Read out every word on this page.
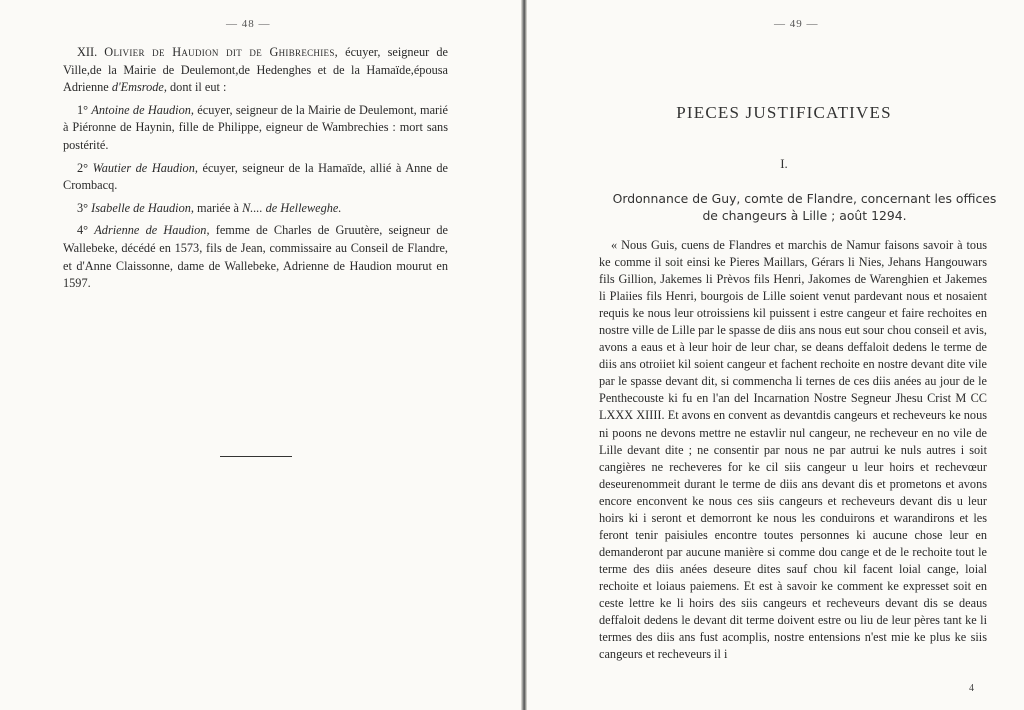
— 48 —

XII. Olivier de Haudion dit de Ghibrechies, écuyer, seigneur de Ville,de la Mairie de Deulemont,de Hedenghes et de la Hamaïde,épousa Adrienne d'Emsrode, dont il eut :

1° Antoine de Haudion, écuyer, seigneur de la Mairie de Deulemont, marié à Piéronne de Haynin, fille de Philippe, eigneur de Wambrechies : mort sans postérité.

2° Wautier de Haudion, écuyer, seigneur de la Hamaïde, allié à Anne de Crombacq.

3° Isabelle de Haudion, mariée à N.... de Helleweghe.

4° Adrienne de Haudion, femme de Charles de Gruutère, seigneur de Wallebeke, décédé en 1573, fils de Jean, commissaire au Conseil de Flandre, et d'Anne Claissonne, dame de Wallebeke, Adrienne de Haudion mourut en 1597.

— 49 —
PIECES JUSTIFICATIVES
I.
Ordonnance de Guy, comte de Flandre, concernant les offices de changeurs à Lille ; août 1294.

« Nous Guis, cuens de Flandres et marchis de Namur faisons savoir à tous ke comme il soit einsi ke Pieres Maillars, Gérars li Nies, Jehans Hangouwars fils Gillion, Jakemes li Prèvos fils Henri, Jakomes de Warenghien et Jakemes li Plaiies fils Henri, bourgois de Lille soient venut pardevant nous et nosaient requis ke nous leur otroissiens kil puissent i estre cangeur et faire rechoites en nostre ville de Lille par le spasse de diis ans nous eut sour chou conseil et avis, avons a eaus et à leur hoir de leur char, se deans deffaloit dedens le terme de diis ans otroiiet kil soient cangeur et fachent rechoite en nostre devant dite vile par le spasse devant dit, si commencha li ternes de ces diis anées au jour de le Penthecouste ki fu en l'an del Incarnation Nostre Segneur Jhesu Crist M CC LXXX XIIII. Et avons en convent as devantdis cangeurs et recheveurs ke nous ni poons ne devons mettre ne estavlir nul cangeur, ne recheveur en no vile de Lille devant dite ; ne consentir par nous ne par autrui ke nuls autres i soit cangières ne recheveres for ke cil siis cangeur u leur hoirs et rechevœur deseurenommeit durant le terme de diis ans devant dis et prometons et avons encore enconvent ke nous ces siis cangeurs et recheveurs devant dis u leur hoirs ki i seront et demorront ke nous les conduirons et warandirons et les feront tenir paisiules encontre toutes personnes ki aucune chose leur en demanderont par aucune manière si comme dou cange et de le rechoite tout le terme des diis anées deseure dites sauf chou kil facent loial cange, loial rechoite et loiaus paiemens. Et est à savoir ke comment ke expresset soit en ceste lettre ke li hoirs des siis cangeurs et recheveurs devant dis se deaus deffaloit dedens le devant dit terme doivent estre ou liu de leur pères tant ke li termes des diis ans fust acomplis, nostre entensions n'est mie ke plus ke siis cangeurs et recheveurs il i

4
